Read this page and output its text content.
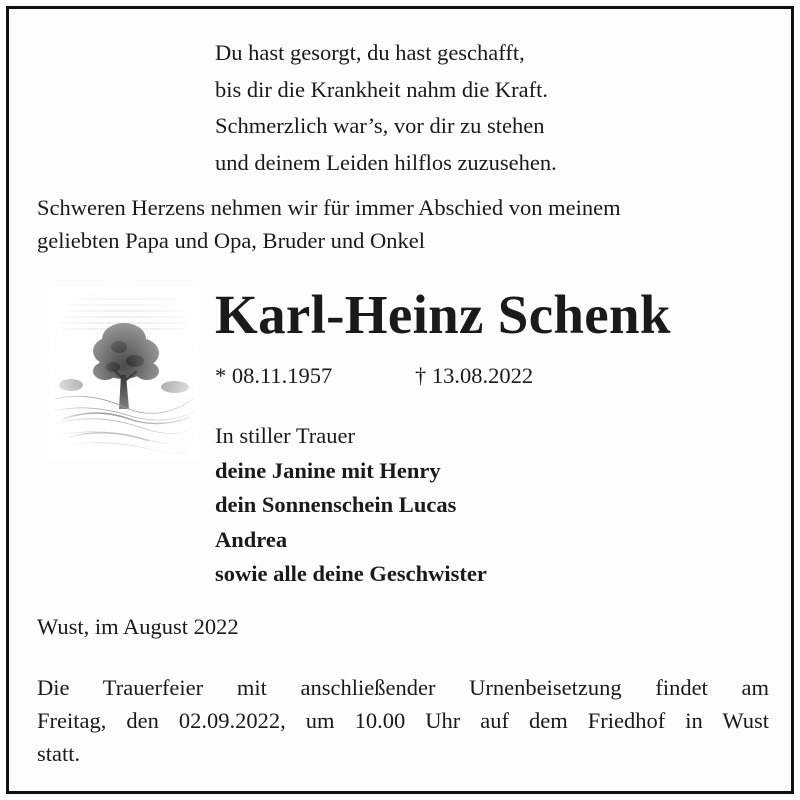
Du hast gesorgt, du hast geschafft,
bis dir die Krankheit nahm die Kraft.
Schmerzlich war’s, vor dir zu stehen
und deinem Leiden hilflos zuzusehen.
Schweren Herzens nehmen wir für immer Abschied von meinem
geliebten Papa und Opa, Bruder und Onkel
Karl-Heinz Schenk
* 08.11.1957	† 13.08.2022
In stiller Trauer
deine Janine mit Henry
dein Sonnenschein Lucas
Andrea
sowie alle deine Geschwister
Wust, im August 2022
Die Trauerfeier mit anschließender Urnenbeisetzung findet am
Freitag, den 02.09.2022, um 10.00 Uhr auf dem Friedhof in Wust
statt.
